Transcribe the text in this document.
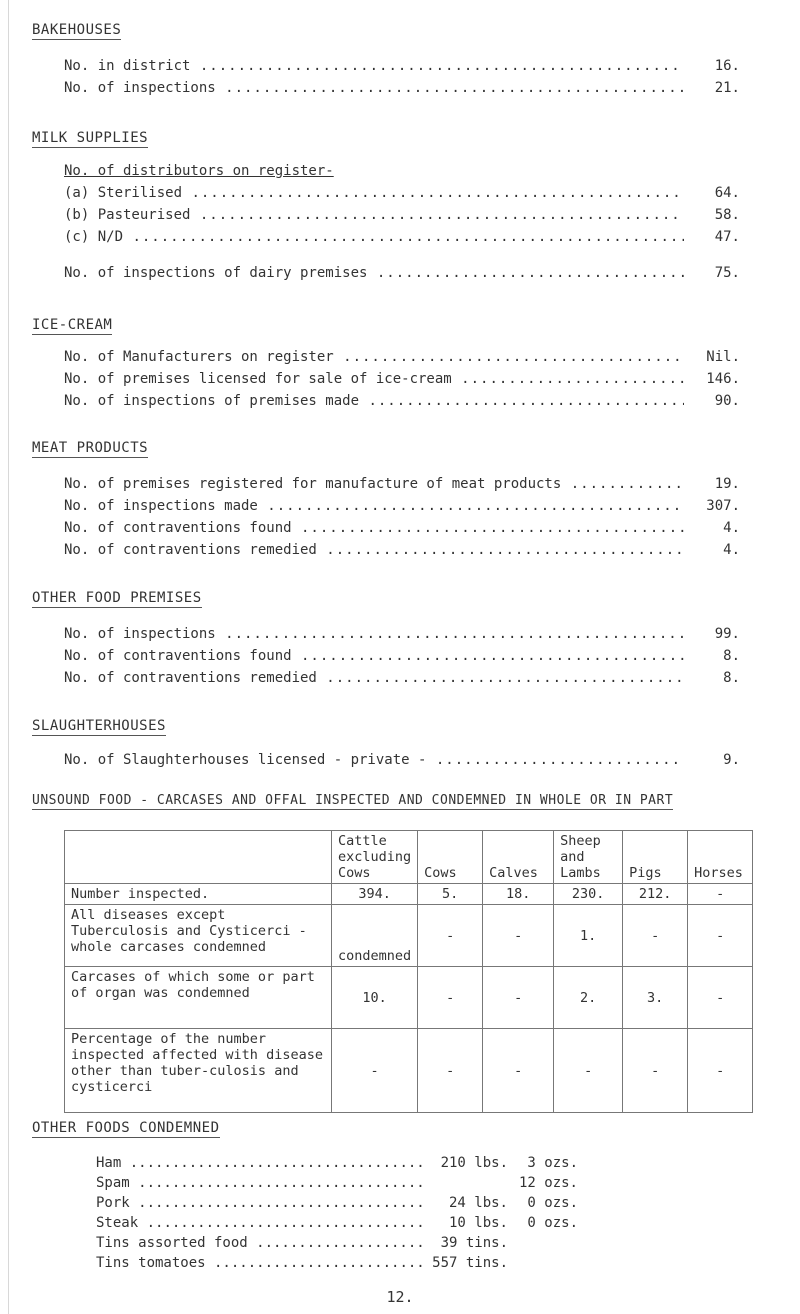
BAKEHOUSES
No. in district .....	16.
No. of inspections .....	21.
MILK SUPPLIES
No. of distributors on register-
(a) Sterilised .....	64.
(b) Pasteurised .....	58.
(c) N/D .....	47.
No. of inspections of dairy premises .....	75.
ICE-CREAM
No. of Manufacturers on register .....	Nil.
No. of premises licensed for sale of ice-cream .....	146.
No. of inspections of premises made .....	90.
MEAT PRODUCTS
No. of premises registered for manufacture of meat products .....	19.
No. of inspections made .....	307.
No. of contraventions found .....	4.
No. of contraventions remedied .....	4.
OTHER FOOD PREMISES
No. of inspections .....	99.
No. of contraventions found .....	8.
No. of contraventions remedied .....	8.
SLAUGHTERHOUSES
No. of Slaughterhouses licensed - private - .....	9.
UNSOUND FOOD - CARCASES AND OFFAL INSPECTED AND CONDEMNED IN WHOLE OR IN PART
	Cattle excluding Cows	Cows	Calves	Sheep and Lambs	Pigs	Horses
Number inspected.	394.	5.	18.	230.	212.	-
All diseases except Tuberculosis and Cysticerci - whole carcases condemned	condemned	-	-	1.	-	-
Carcases of which some or part of organ was condemned	10.	-	-	2.	3.	-
Percentage of the number inspected affected with disease other than tuber-culosis and cysticerci	-	-	-	-	-	-
OTHER FOODS CONDEMNED
Ham .....	210 lbs. 3 ozs.
Spam .....	12 ozs.
Pork .....	24 lbs. 0 ozs.
Steak .....	10 lbs. 0 ozs.
Tins assorted food .....	39 tins.
Tins tomatoes .....	557 tins.
12.
